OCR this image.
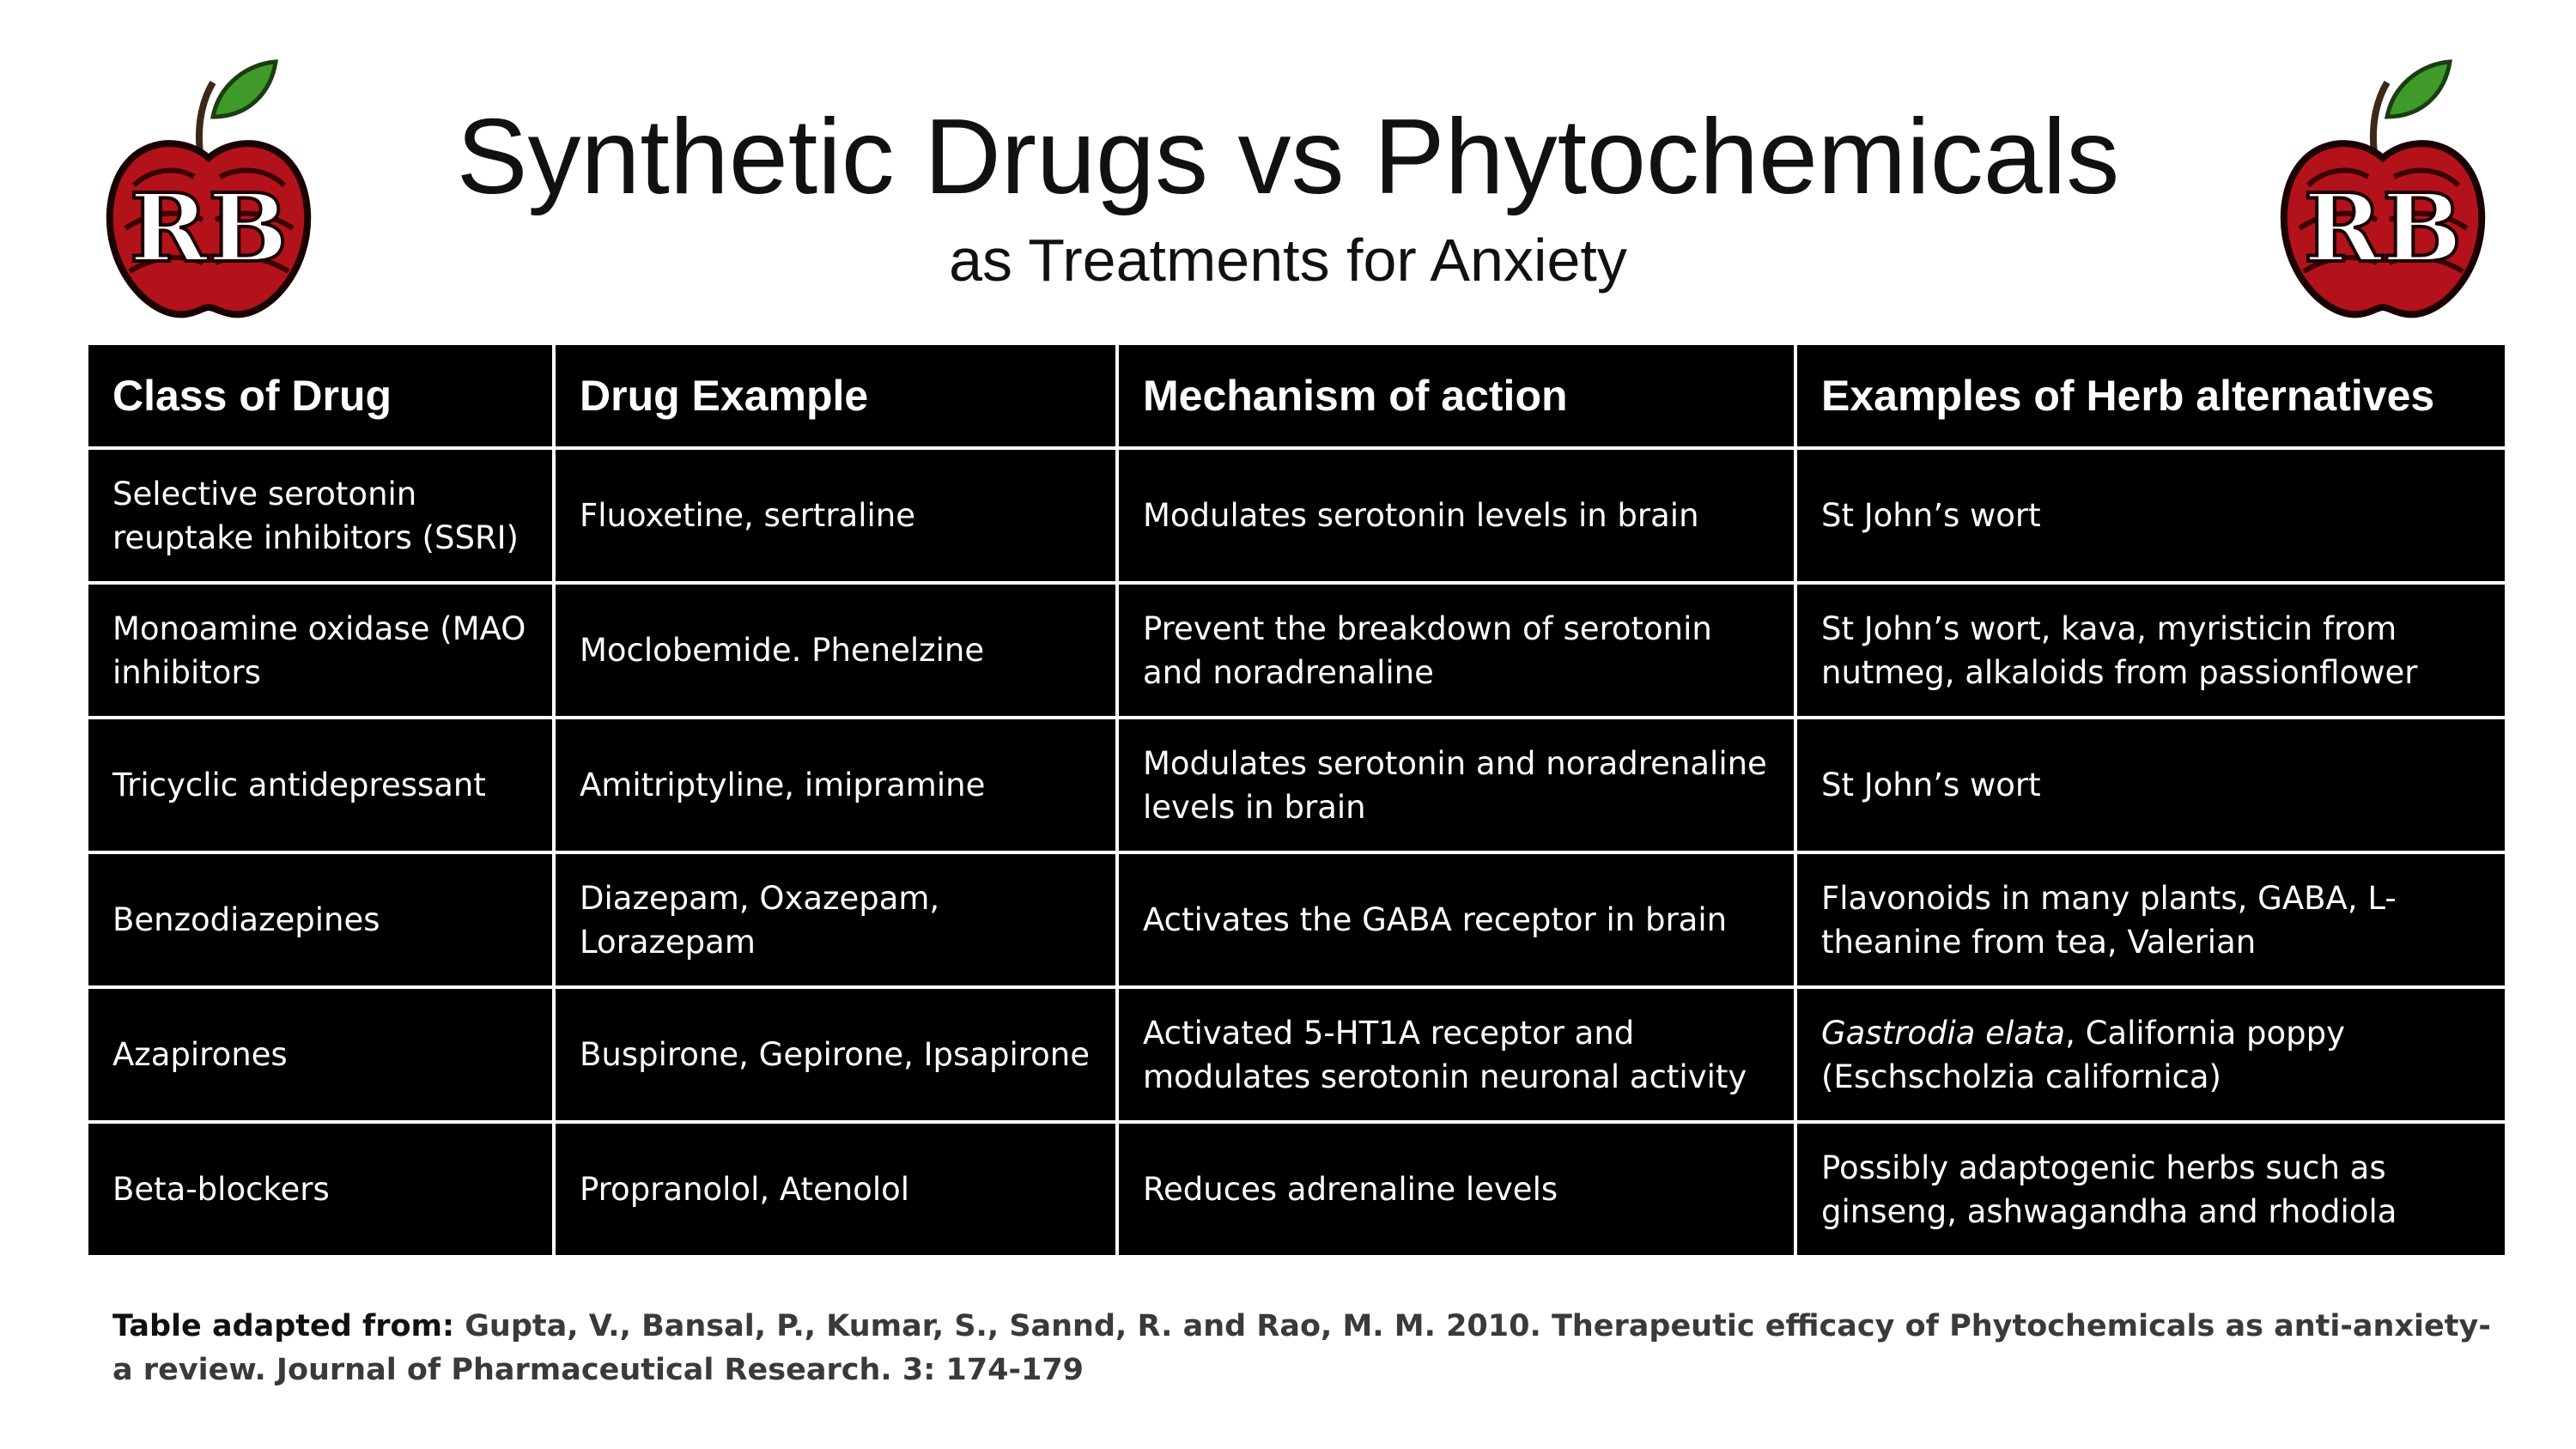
RB	RB
Synthetic Drugs vs Phytochemicals
as Treatments for Anxiety
Class of Drug	Drug Example	Mechanism of action	Examples of Herb alternatives
Selective serotonin reuptake inhibitors (SSRI)	Fluoxetine, sertraline	Modulates serotonin levels in brain	St John’s wort
Monoamine oxidase (MAO inhibitors	Moclobemide. Phenelzine	Prevent the breakdown of serotonin and noradrenaline	St John’s wort, kava, myristicin from nutmeg, alkaloids from passionflower
Tricyclic antidepressant	Amitriptyline, imipramine	Modulates serotonin and noradrenaline levels in brain	St John’s wort
Benzodiazepines	Diazepam, Oxazepam, Lorazepam	Activates the GABA receptor in brain	Flavonoids in many plants, GABA, L-theanine from tea, Valerian
Azapirones	Buspirone, Gepirone, Ipsapirone	Activated 5-HT1A receptor and modulates serotonin neuronal activity	Gastrodia elata, California poppy (Eschscholzia californica)
Beta-blockers	Propranolol, Atenolol	Reduces adrenaline levels	Possibly adaptogenic herbs such as ginseng, ashwagandha and rhodiola
Table adapted from: Gupta, V., Bansal, P., Kumar, S., Sannd, R. and Rao, M. M. 2010. Therapeutic efficacy of Phytochemicals as anti-anxiety-a review. Journal of Pharmaceutical Research. 3: 174-179
